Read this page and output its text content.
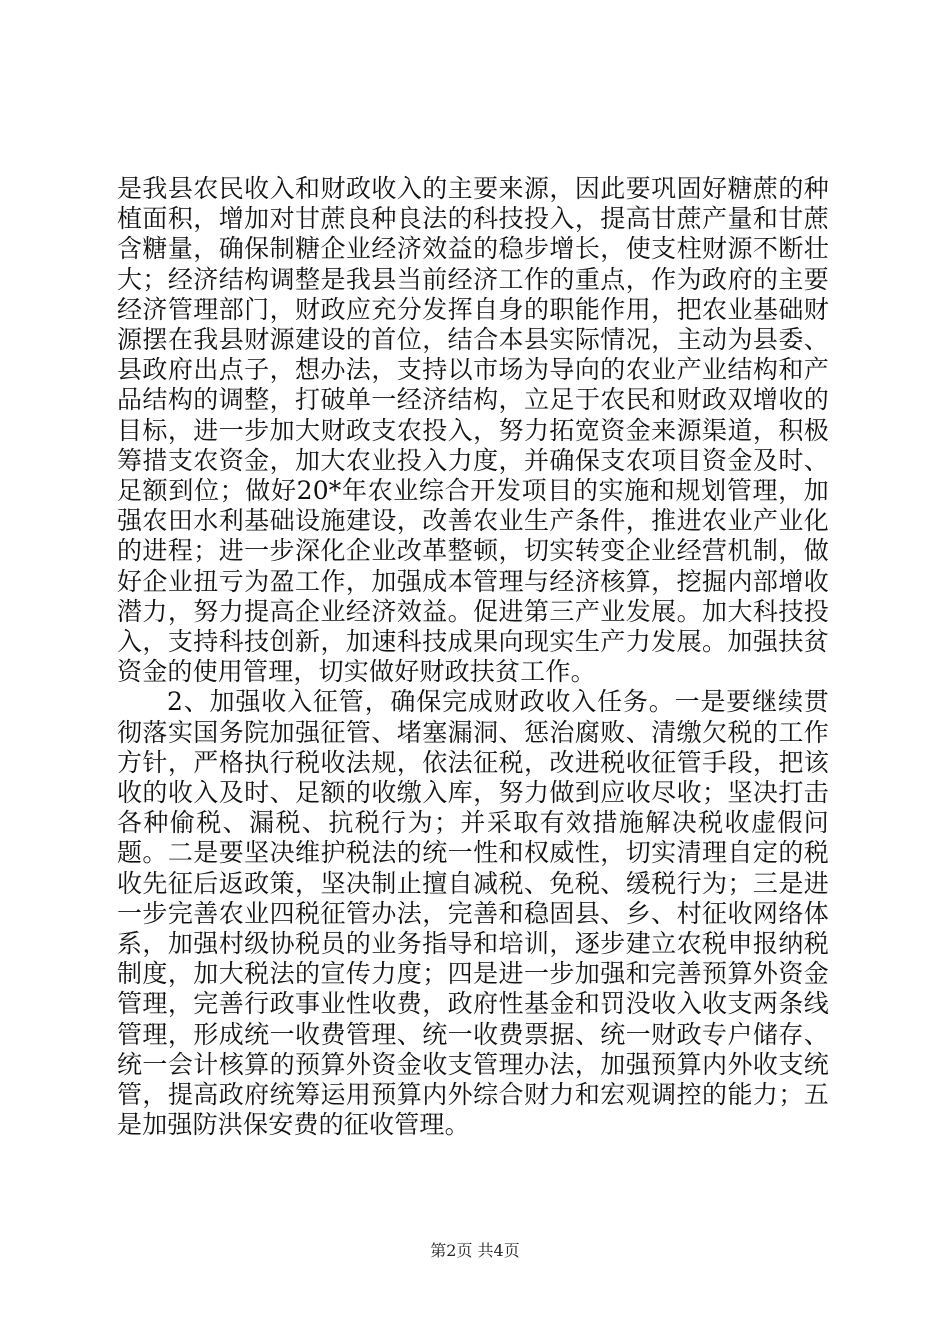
是我县农民收入和财政收入的主要来源，因此要巩固好糖蔗的种植面积，增加对甘蔗良种良法的科技投入，提高甘蔗产量和甘蔗含糖量，确保制糖企业经济效益的稳步增长，使支柱财源不断壮大；经济结构调整是我县当前经济工作的重点，作为政府的主要经济管理部门，财政应充分发挥自身的职能作用，把农业基础财源摆在我县财源建设的首位，结合本县实际情况，主动为县委、县政府出点子，想办法，支持以市场为导向的农业产业结构和产品结构的调整，打破单一经济结构，立足于农民和财政双增收的目标，进一步加大财政支农投入，努力拓宽资金来源渠道，积极筹措支农资金，加大农业投入力度，并确保支农项目资金及时、足额到位；做好20*年农业综合开发项目的实施和规划管理，加强农田水利基础设施建设，改善农业生产条件，推进农业产业化的进程；进一步深化企业改革整顿，切实转变企业经营机制，做好企业扭亏为盈工作，加强成本管理与经济核算，挖掘内部增收潜力，努力提高企业经济效益。促进第三产业发展。加大科技投入，支持科技创新，加速科技成果向现实生产力发展。加强扶贫资金的使用管理，切实做好财政扶贫工作。

2、加强收入征管，确保完成财政收入任务。一是要继续贯彻落实国务院加强征管、堵塞漏洞、惩治腐败、清缴欠税的工作方针，严格执行税收法规，依法征税，改进税收征管手段，把该收的收入及时、足额的收缴入库，努力做到应收尽收；坚决打击各种偷税、漏税、抗税行为；并采取有效措施解决税收虚假问题。二是要坚决维护税法的统一性和权威性，切实清理自定的税收先征后返政策，坚决制止擅自减税、免税、缓税行为；三是进一步完善农业四税征管办法，完善和稳固县、乡、村征收网络体系，加强村级协税员的业务指导和培训，逐步建立农税申报纳税制度，加大税法的宣传力度；四是进一步加强和完善预算外资金管理，完善行政事业性收费，政府性基金和罚没收入收支两条线管理，形成统一收费管理、统一收费票据、统一财政专户储存、统一会计核算的预算外资金收支管理办法，加强预算内外收支统管，提高政府统筹运用预算内外综合财力和宏观调控的能力；五是加强防洪保安费的征收管理。

第2页 共4页
